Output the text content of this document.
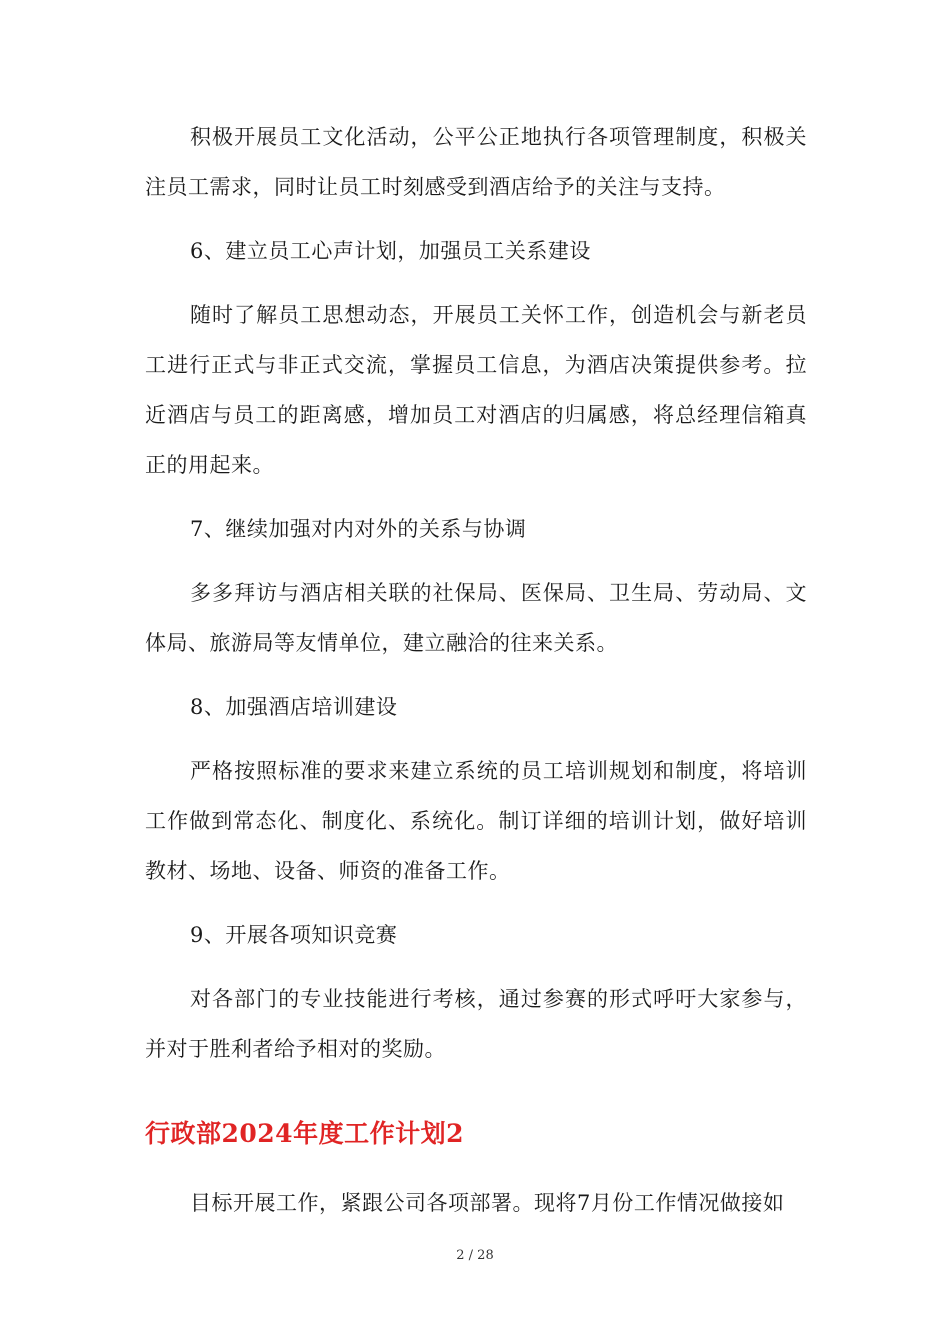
积极开展员工文化活动，公平公正地执行各项管理制度，积极关注员工需求，同时让员工时刻感受到酒店给予的关注与支持。

6、建立员工心声计划，加强员工关系建设

随时了解员工思想动态，开展员工关怀工作，创造机会与新老员工进行正式与非正式交流，掌握员工信息，为酒店决策提供参考。拉近酒店与员工的距离感，增加员工对酒店的归属感，将总经理信箱真正的用起来。

7、继续加强对内对外的关系与协调

多多拜访与酒店相关联的社保局、医保局、卫生局、劳动局、文体局、旅游局等友情单位，建立融洽的往来关系。

8、加强酒店培训建设

严格按照标准的要求来建立系统的员工培训规划和制度，将培训工作做到常态化、制度化、系统化。制订详细的培训计划，做好培训教材、场地、设备、师资的准备工作。

9、开展各项知识竞赛

对各部门的专业技能进行考核，通过参赛的形式呼吁大家参与，并对于胜利者给予相对的奖励。

行政部2024年度工作计划2

目标开展工作，紧跟公司各项部署。现将7月份工作情况做接如

2 / 28
